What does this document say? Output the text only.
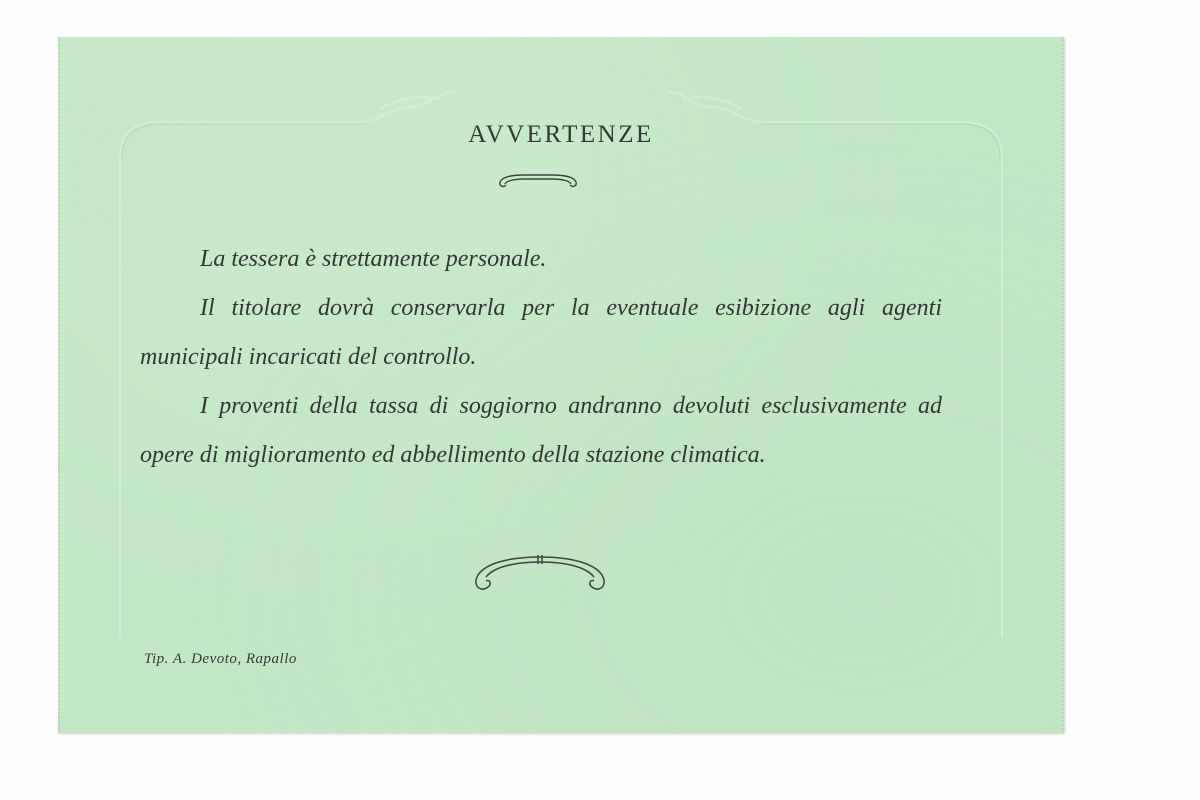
AVVERTENZE

La tessera è strettamente personale.

Il titolare dovrà conservarla per la eventuale esibizione agli agenti municipali incaricati del controllo.

I proventi della tassa di soggiorno andranno devoluti esclusivamente ad opere di miglioramento ed abbellimento della stazione climatica.

Tip. A. Devoto, Rapallo
